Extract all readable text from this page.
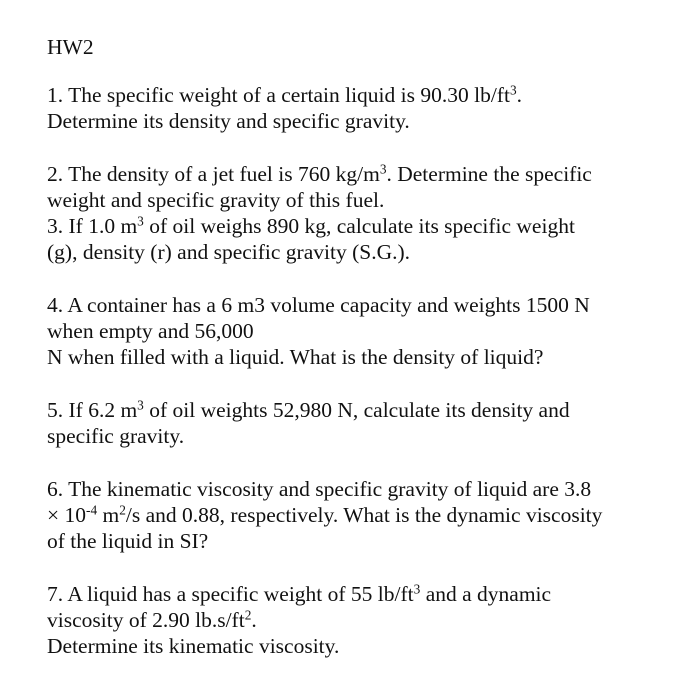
HW2
1. The specific weight of a certain liquid is 90.30 $lb/ft^3$.
Determine its density and specific gravity.
2. The density of a jet fuel is 760 $kg/m^3$. Determine the specific
weight and specific gravity of this fuel.
3. If 1.0 $m^3$ of oil weighs 890 kg, calculate its specific weight
(g), density (r) and specific gravity (S.G.).
4. A container has a 6 m3 volume capacity and weights 1500 N
when empty and 56,000
N when filled with a liquid. What is the density of liquid?
5. If 6.2 $m^3$ of oil weights 52,980 N, calculate its density and
specific gravity.
6. The kinematic viscosity and specific gravity of liquid are 3.8
× $10^{-4}$ $m^2/s$ and 0.88, respectively. What is the dynamic viscosity
of the liquid in SI?
7. A liquid has a specific weight of 55 $lb/ft^3$ and a dynamic
viscosity of 2.90 $lb.s/ft^2$.
Determine its kinematic viscosity.
